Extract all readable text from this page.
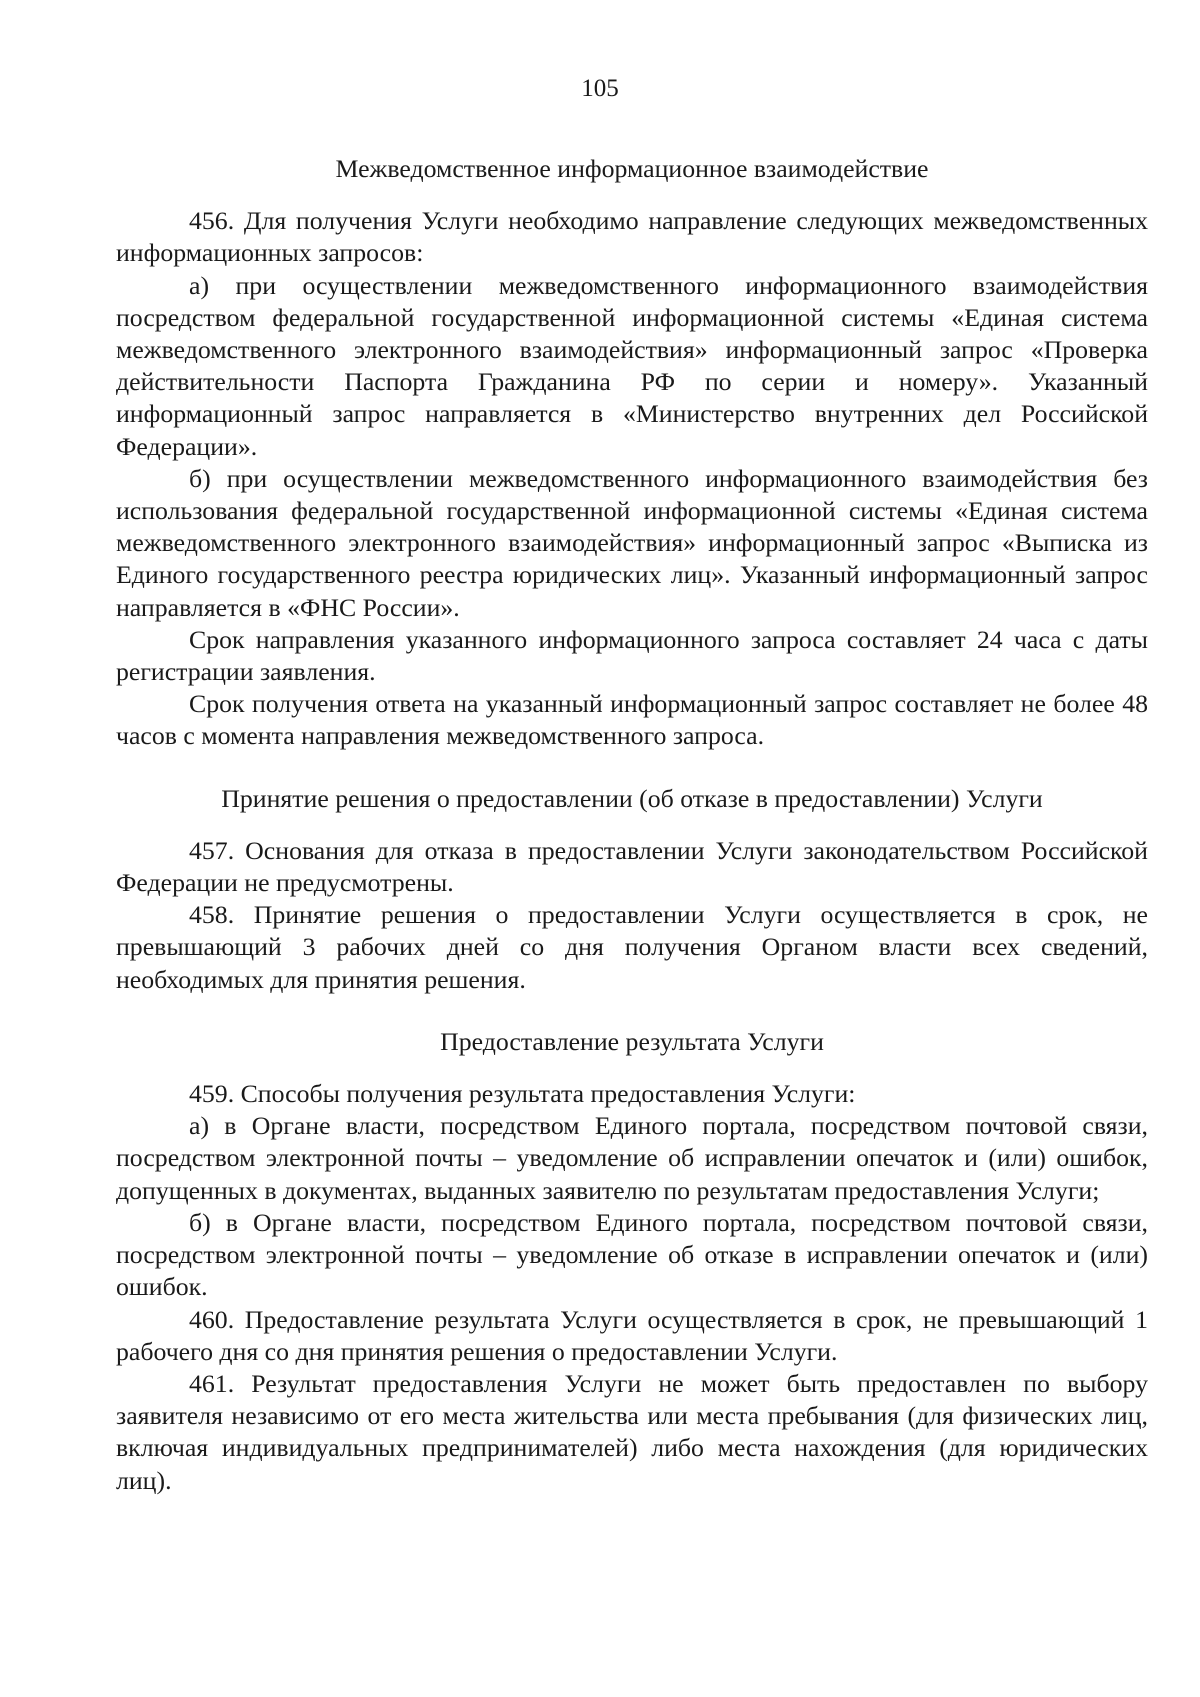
105

Межведомственное информационное взаимодействие

456. Для получения Услуги необходимо направление следующих межведомственных информационных запросов:

а) при осуществлении межведомственного информационного взаимодействия посредством федеральной государственной информационной системы «Единая система межведомственного электронного взаимодействия» информационный запрос «Проверка действительности Паспорта Гражданина РФ по серии и номеру». Указанный информационный запрос направляется в «Министерство внутренних дел Российской Федерации».

б) при осуществлении межведомственного информационного взаимодействия без использования федеральной государственной информационной системы «Единая система межведомственного электронного взаимодействия» информационный запрос «Выписка из Единого государственного реестра юридических лиц». Указанный информационный запрос направляется в «ФНС России».

Срок направления указанного информационного запроса составляет 24 часа с даты регистрации заявления.

Срок получения ответа на указанный информационный запрос составляет не более 48 часов с момента направления межведомственного запроса.

Принятие решения о предоставлении (об отказе в предоставлении) Услуги

457. Основания для отказа в предоставлении Услуги законодательством Российской Федерации не предусмотрены.

458. Принятие решения о предоставлении Услуги осуществляется в срок, не превышающий 3 рабочих дней со дня получения Органом власти всех сведений, необходимых для принятия решения.

Предоставление результата Услуги

459. Способы получения результата предоставления Услуги:

а) в Органе власти, посредством Единого портала, посредством почтовой связи, посредством электронной почты – уведомление об исправлении опечаток и (или) ошибок, допущенных в документах, выданных заявителю по результатам предоставления Услуги;

б) в Органе власти, посредством Единого портала, посредством почтовой связи, посредством электронной почты – уведомление об отказе в исправлении опечаток и (или) ошибок.

460. Предоставление результата Услуги осуществляется в срок, не превышающий 1 рабочего дня со дня принятия решения о предоставлении Услуги.

461. Результат предоставления Услуги не может быть предоставлен по выбору заявителя независимо от его места жительства или места пребывания (для физических лиц, включая индивидуальных предпринимателей) либо места нахождения (для юридических лиц).
